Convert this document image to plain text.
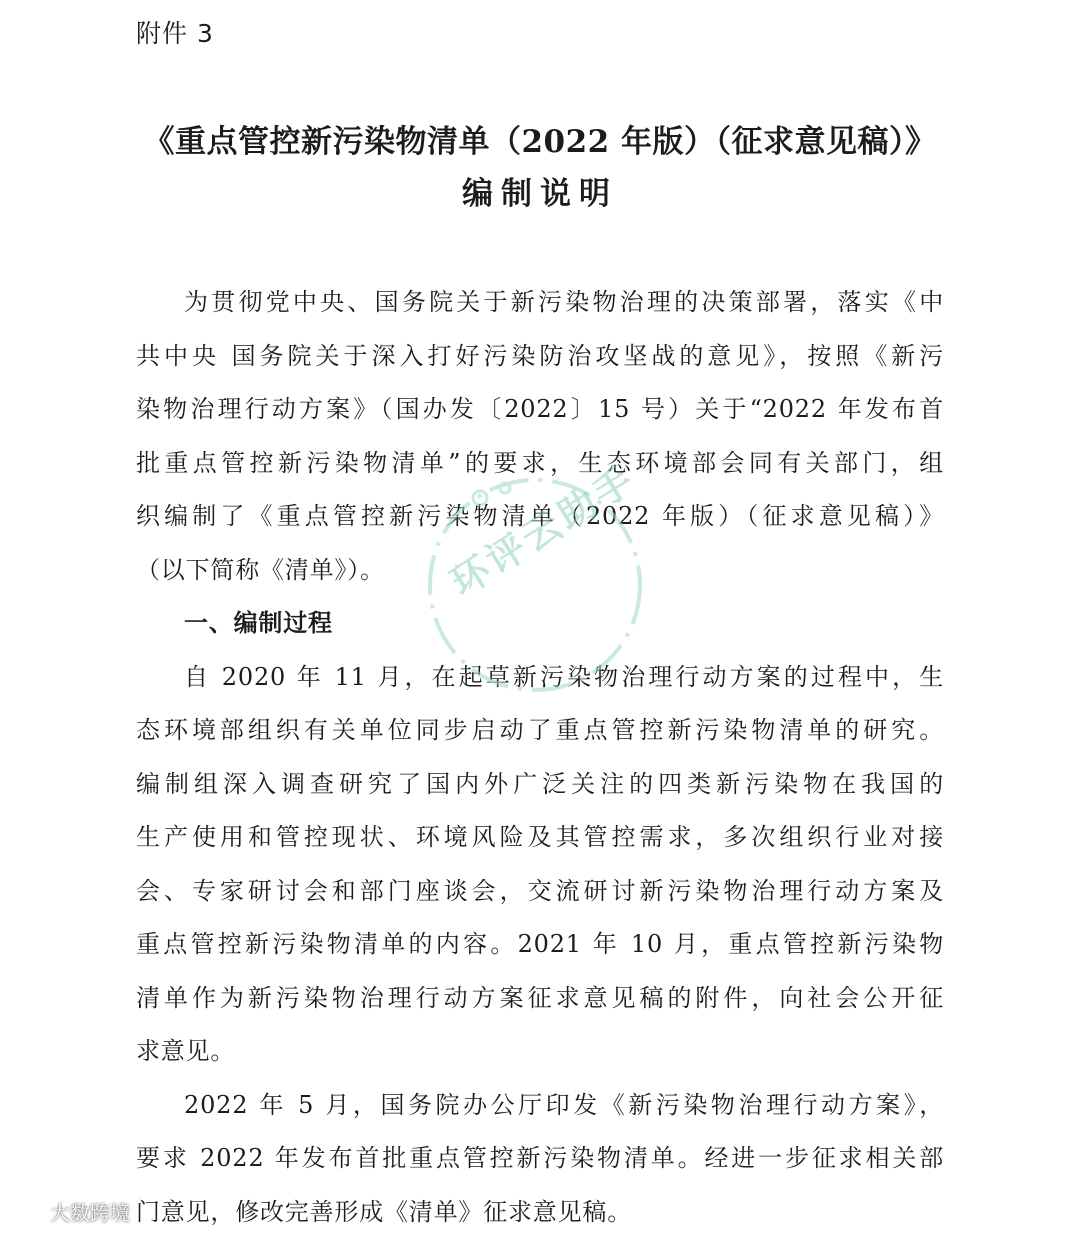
附件 3
《重点管控新污染物清单（2022 年版）（征求意见稿）》
编制说明

为贯彻党中央、国务院关于新污染物治理的决策部署，落实《中
共中央 国务院关于深入打好污染防治攻坚战的意见》，按照《新污
染物治理行动方案》（国办发〔2022〕15 号）关于“2022 年发布首
批重点管控新污染物清单”的要求，生态环境部会同有关部门，组
织编制了《重点管控新污染物清单（2022 年版）（征求意见稿）》
（以下简称《清单》）。

一、编制过程

自 2020 年 11 月，在起草新污染物治理行动方案的过程中，生
态环境部组织有关单位同步启动了重点管控新污染物清单的研究。
编制组深入调查研究了国内外广泛关注的四类新污染物在我国的
生产使用和管控现状、环境风险及其管控需求，多次组织行业对接
会、专家研讨会和部门座谈会，交流研讨新污染物治理行动方案及
重点管控新污染物清单的内容。2021 年 10 月，重点管控新污染物
清单作为新污染物治理行动方案征求意见稿的附件，向社会公开征
求意见。

2022 年 5 月，国务院办公厅印发《新污染物治理行动方案》，
要求 2022 年发布首批重点管控新污染物清单。经进一步征求相关部
门意见，修改完善形成《清单》征求意见稿。

环评云助手
大数跨境
